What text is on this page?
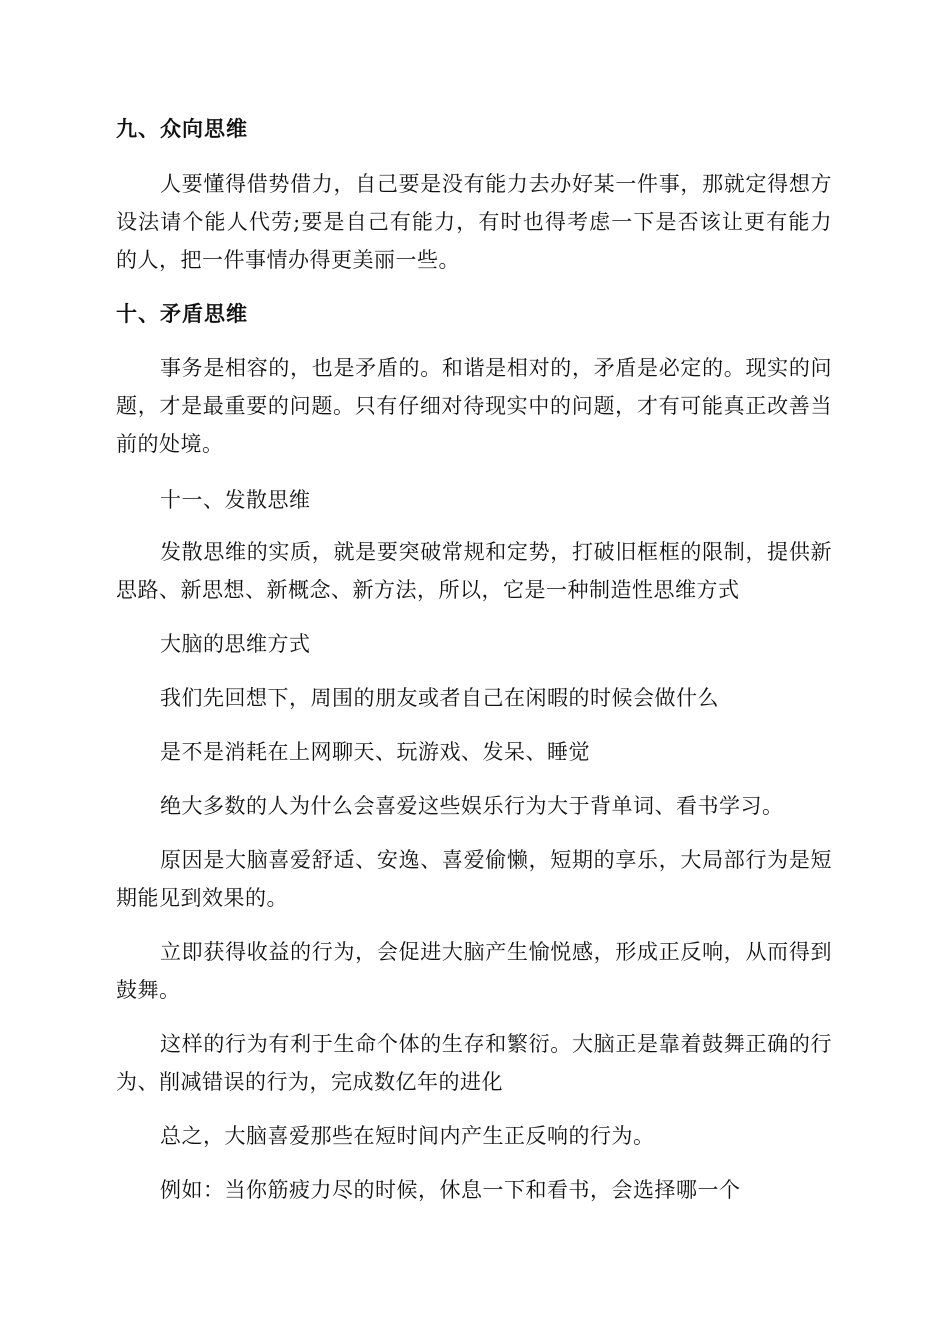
九、众向思维
人要懂得借势借力，自己要是没有能力去办好某一件事，那就定得想方设法请个能人代劳;要是自己有能力，有时也得考虑一下是否该让更有能力的人，把一件事情办得更美丽一些。
十、矛盾思维
事务是相容的，也是矛盾的。和谐是相对的，矛盾是必定的。现实的问题，才是最重要的问题。只有仔细对待现实中的问题，才有可能真正改善当前的处境。
十一、发散思维
发散思维的实质，就是要突破常规和定势，打破旧框框的限制，提供新思路、新思想、新概念、新方法，所以，它是一种制造性思维方式
大脑的思维方式
我们先回想下，周围的朋友或者自己在闲暇的时候会做什么
是不是消耗在上网聊天、玩游戏、发呆、睡觉
绝大多数的人为什么会喜爱这些娱乐行为大于背单词、看书学习。
原因是大脑喜爱舒适、安逸、喜爱偷懒，短期的享乐，大局部行为是短期能见到效果的。
立即获得收益的行为，会促进大脑产生愉悦感，形成正反响，从而得到鼓舞。
这样的行为有利于生命个体的生存和繁衍。大脑正是靠着鼓舞正确的行为、削减错误的行为，完成数亿年的进化
总之，大脑喜爱那些在短时间内产生正反响的行为。
例如：当你筋疲力尽的时候，休息一下和看书，会选择哪一个
